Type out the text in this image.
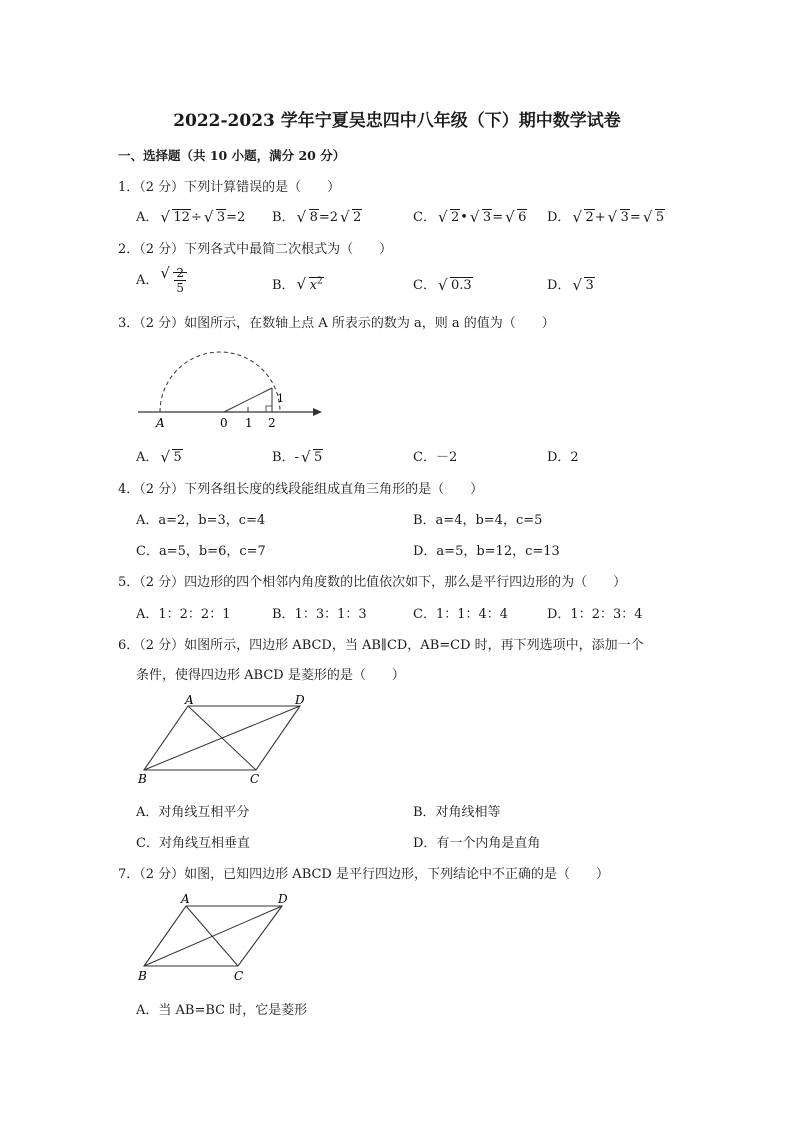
2022-2023 学年宁夏吴忠四中八年级（下）期中数学试卷
一、选择题（共 10 小题，满分 20 分）
1．（2 分）下列计算错误的是（　　）
A． √ 12÷ √ 3=2 B． √ 8=2 √ 2	C． √ 2• √ 3= √ 6 D． √ 2+ √ 3= √ 5
2．（2 分）下列各式中最简二次根式为（　　）
A． √ $\frac{2}{5}$	B． √ $x^2$	C． √ 0.3	D． √ 3
3．（2 分）如图所示，在数轴上点 A 所表示的数为 a，则 a 的值为（　　）
A	0 1 2
1
A． √ 5	B．- √ 5	C．－2	D．2
4．（2 分）下列各组长度的线段能组成直角三角形的是（　　）
A．a=2，b=3，c=4	B．a=4，b=4，c=5
C．a=5，b=6，c=7	D．a=5，b=12，c=13
5．（2 分）四边形的四个相邻内角度数的比值依次如下，那么是平行四边形的为（　　）
A．1：2：2：1	B．1：3：1：3	C．1：1：4：4	D．1：2：3：4
6．（2 分）如图所示，四边形 ABCD，当 AB∥CD，AB=CD 时，再下列选项中，添加一个
条件，使得四边形 ABCD 是菱形的是（　　）
A	D
B	C
A．对角线互相平分	B．对角线相等
C．对角线互相垂直	D．有一个内角是直角
7．（2 分）如图，已知四边形 ABCD 是平行四边形，下列结论中不正确的是（　　）
A	D
B	C
A．当 AB=BC 时，它是菱形
